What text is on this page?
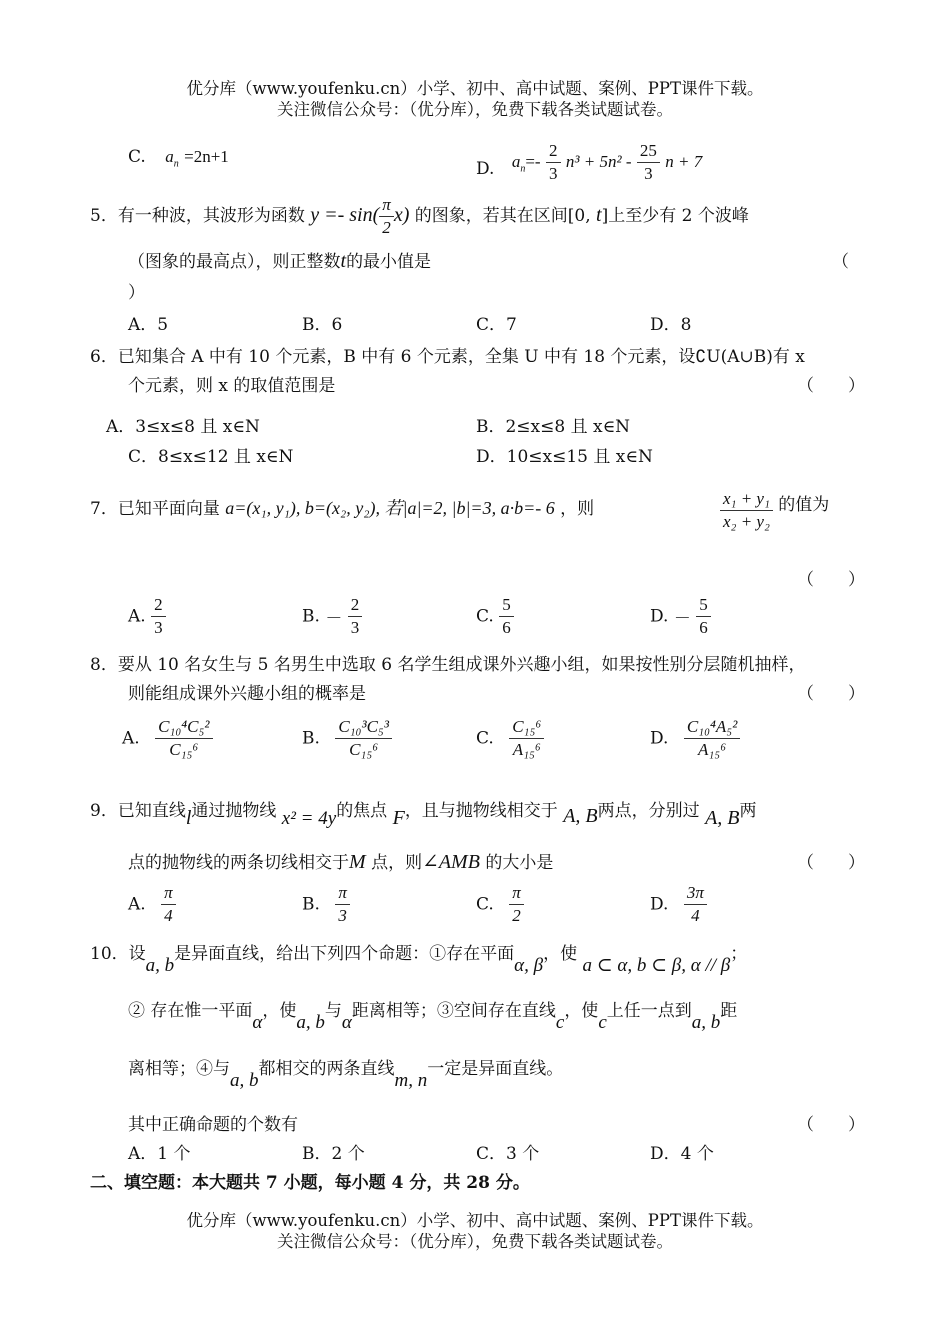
优分库（www.youfenku.cn）小学、初中、高中试题、案例、PPT课件下载。
关注微信公众号：（优分库），免费下载各类试题试卷。
C. $a_n =2n+1$
D. $a_n=- \frac{2}{3} n^3 + 5n^2 - \frac{25}{3}$ n + 7
5．有一种波，其波形为函数 $y =- \sin( \frac{\pi}{2} x)$ 的图象，若其在区间[0, t]上至少有 2 个波峰
（图象的最高点），则正整数t的最小值是	（
）
A．5	B．6	C．7	D．8
6．已知集合 A 中有 10 个元素，B 中有 6 个元素，全集 U 中有 18 个元素，设∁U(A∪B)有 x
个元素，则 x 的取值范围是	（　　）
A．3≤x≤8 且 x∈N	B．2≤x≤8 且 x∈N
C．8≤x≤12 且 x∈N	D．10≤x≤15 且 x∈N
7．已知平面向量 a=(x₁, y₁), b=(x₂, y₂), 若|a|=2, |b|=3, a·b=- 6 ，则	$\frac{\text{x₁ + y₁}}{\text{x₂ + y₂}}$ 的值为
（　　）
A. $\frac{2}{3}$	B. － $\frac{2}{3}$	C. $\frac{5}{6}$	D. － $\frac{5}{6}$
8．要从 10 名女生与 5 名男生中选取 6 名学生组成课外兴趣小组，如果按性别分层随机抽样，
则能组成课外兴趣小组的概率是	（　　）
A. $\frac{\text{C₁₀⁴C₅²}}{\text{C₁₅⁶}}$	B. $\frac{\text{C₁₀³C₅³}}{\text{C₁₅⁶}}$	C. $\frac{\text{C₁₅⁶}}{\text{A₁₅⁶}}$	D. $\frac{\text{C₁₀⁴A₅²}}{\text{A₁₅⁶}}$
9．已知直线l通过抛物线 x² = 4y的焦点 F，且与抛物线相交于 A, B两点，分别过 A, B两
点的抛物线的两条切线相交于M 点，则∠AMB 的大小是	（　　）
A. $\frac{\pi}{4}$	B. $\frac{\pi}{3}$	C. $\frac{\pi}{2}$	D. $\frac{3\pi}{4}$
10．设a, b是异面直线，给出下列四个命题：①存在平面α, β，使 a ⊂ α, b ⊂ β, α // β；
② 存在惟一平面α，使a, b与α距离相等；③空间存在直线c，使c上任一点到a, b距
离相等；④与a, b都相交的两条直线m, n一定是异面直线。
其中正确命题的个数有	（　　）
A．1 个	B．2 个	C．3 个	D．4 个
二、填空题：本大题共 7 小题，每小题 4 分，共 28 分。
优分库（www.youfenku.cn）小学、初中、高中试题、案例、PPT课件下载。
关注微信公众号：（优分库），免费下载各类试题试卷。
